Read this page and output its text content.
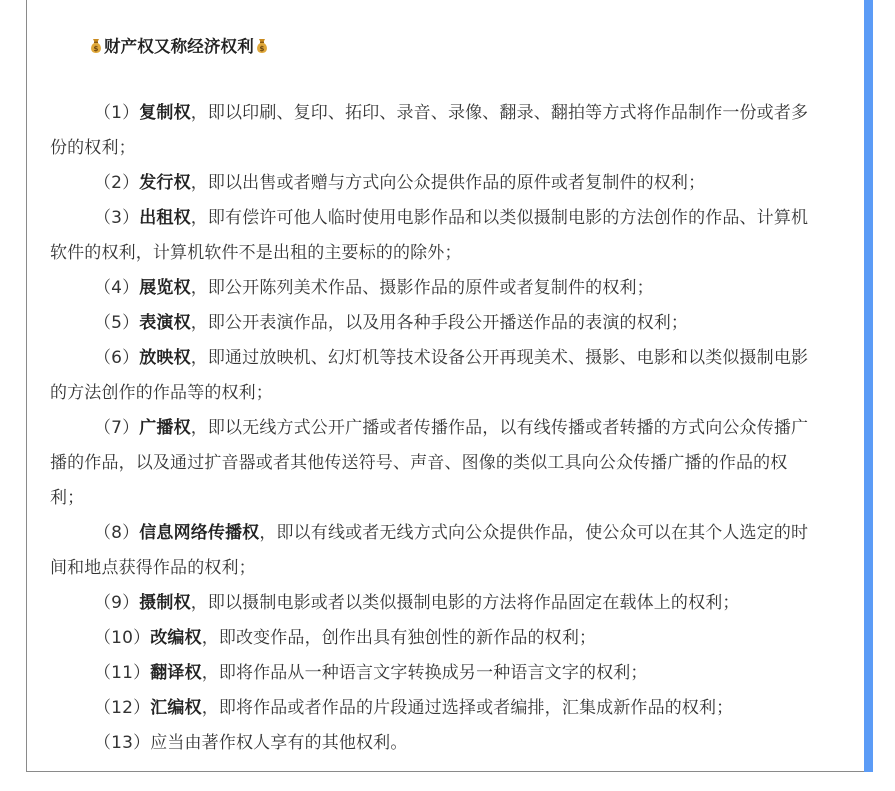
$ 财产权又称经济权利 $

（1）复制权，即以印刷、复印、拓印、录音、录像、翻录、翻拍等方式将作品制作一份或者多份的权利；

（2）发行权，即以出售或者赠与方式向公众提供作品的原件或者复制件的权利；

（3）出租权，即有偿许可他人临时使用电影作品和以类似摄制电影的方法创作的作品、计算机软件的权利，计算机软件不是出租的主要标的的除外；

（4）展览权，即公开陈列美术作品、摄影作品的原件或者复制件的权利；

（5）表演权，即公开表演作品，以及用各种手段公开播送作品的表演的权利；

（6）放映权，即通过放映机、幻灯机等技术设备公开再现美术、摄影、电影和以类似摄制电影的方法创作的作品等的权利；

（7）广播权，即以无线方式公开广播或者传播作品，以有线传播或者转播的方式向公众传播广播的作品，以及通过扩音器或者其他传送符号、声音、图像的类似工具向公众传播广播的作品的权利；

（8）信息网络传播权，即以有线或者无线方式向公众提供作品，使公众可以在其个人选定的时间和地点获得作品的权利；

（9）摄制权，即以摄制电影或者以类似摄制电影的方法将作品固定在载体上的权利；

（10）改编权，即改变作品，创作出具有独创性的新作品的权利；

（11）翻译权，即将作品从一种语言文字转换成另一种语言文字的权利；

（12）汇编权，即将作品或者作品的片段通过选择或者编排，汇集成新作品的权利；

（13）应当由著作权人享有的其他权利。
